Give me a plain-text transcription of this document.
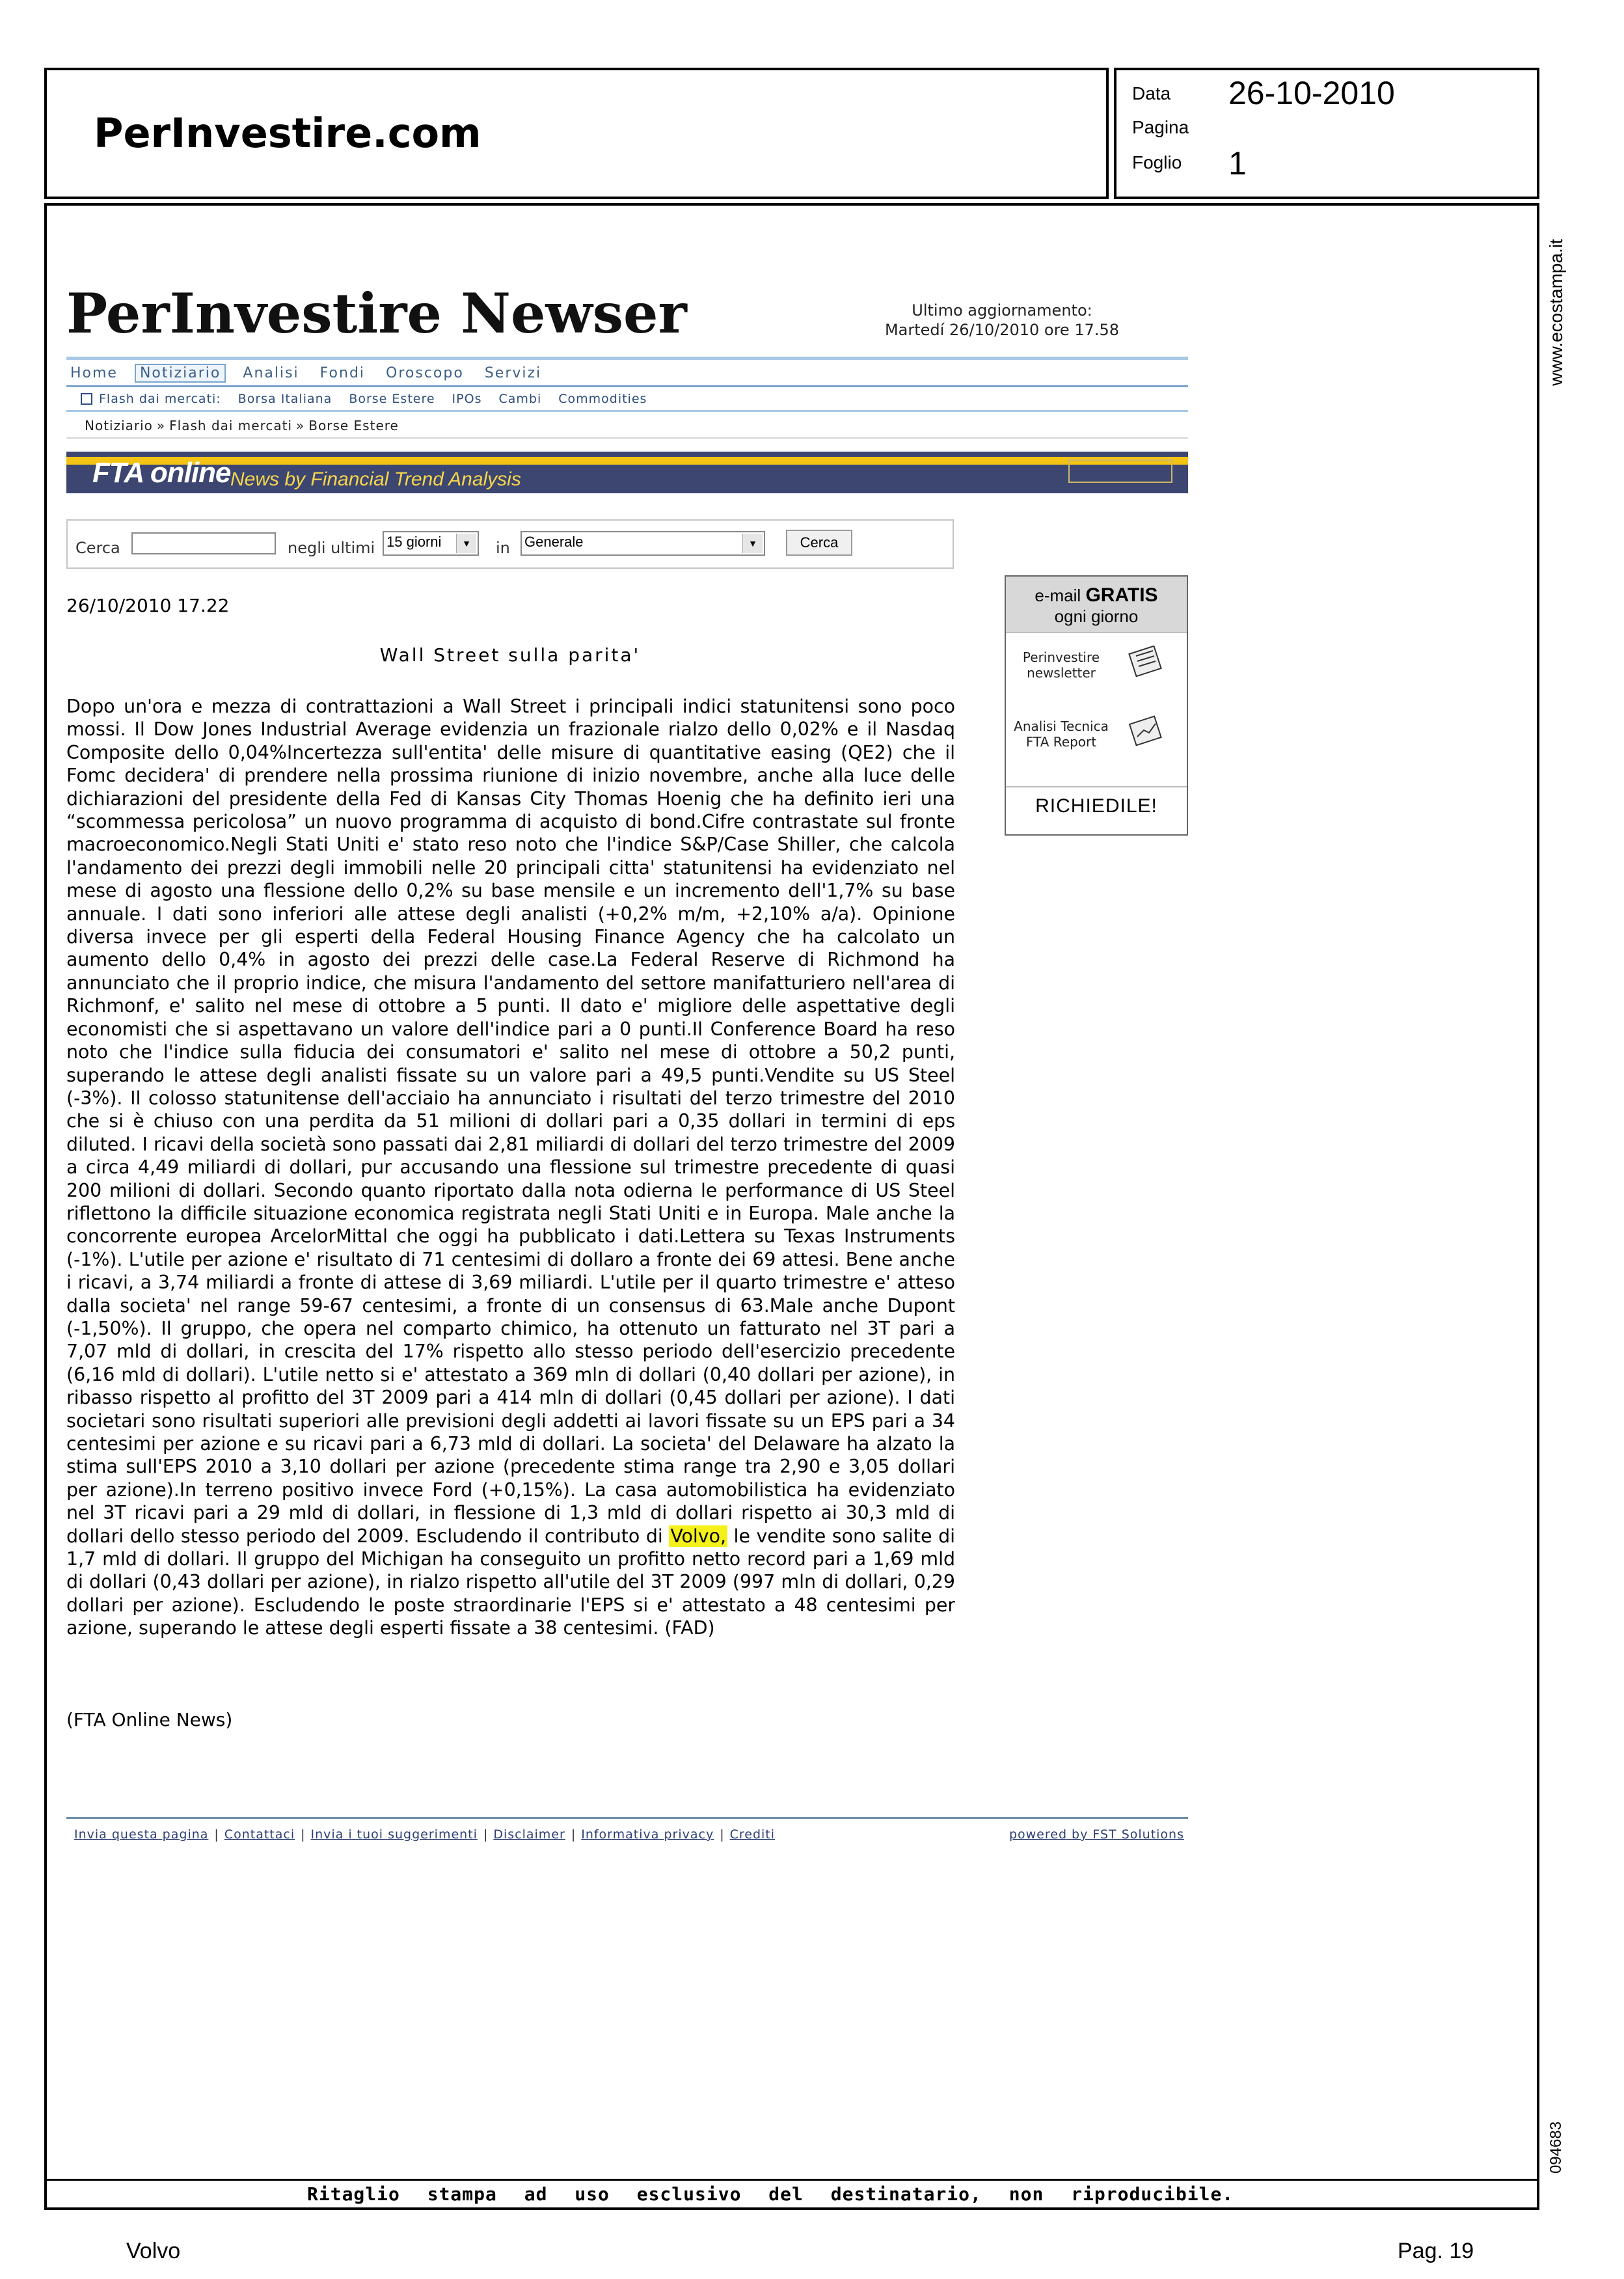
PerInvestire.com
Data 26-10-2010
Pagina
Foglio 1
www.ecostampa.it
094683
PerInvestire Newser	Ultimo aggiornamento:
Martedí 26/10/2010 ore 17.58
Home	Notiziario	Analisi Fondi Oroscopo Servizi
Flash dai mercati: Borsa Italiana Borse Estere IPOs Cambi Commodities
Notiziario » Flash dai mercati » Borse Estere
FTA online News by Financial Trend Analysis
Cerca	negli ultimi 15 giorni	▼	in Generale	▼	Cerca
26/10/2010 17.22
Wall Street sulla parita'
Dopo un'ora e mezza di contrattazioni a Wall Street i principali indici statunitensi sono poco mossi. Il Dow Jones Industrial Average evidenzia un frazionale rialzo dello 0,02% e il Nasdaq Composite dello 0,04%Incertezza sull'entita' delle misure di quantitative easing (QE2) che il Fomc decidera' di prendere nella prossima riunione di inizio novembre, anche alla luce delle dichiarazioni del presidente della Fed di Kansas City Thomas Hoenig che ha definito ieri una “scommessa pericolosa” un nuovo programma di acquisto di bond.Cifre contrastate sul fronte macroeconomico.Negli Stati Uniti e' stato reso noto che l'indice S&P/Case Shiller, che calcola l'andamento dei prezzi degli immobili nelle 20 principali citta' statunitensi ha evidenziato nel mese di agosto una flessione dello 0,2% su base mensile e un incremento dell'1,7% su base annuale. I dati sono inferiori alle attese degli analisti (+0,2% m/m, +2,10% a/a). Opinione diversa invece per gli esperti della Federal Housing Finance Agency che ha calcolato un aumento dello 0,4% in agosto dei prezzi delle case.La Federal Reserve di Richmond ha annunciato che il proprio indice, che misura l'andamento del settore manifatturiero nell'area di Richmonf, e' salito nel mese di ottobre a 5 punti. Il dato e' migliore delle aspettative degli economisti che si aspettavano un valore dell'indice pari a 0 punti.Il Conference Board ha reso noto che l'indice sulla fiducia dei consumatori e' salito nel mese di ottobre a 50,2 punti, superando le attese degli analisti fissate su un valore pari a 49,5 punti.Vendite su US Steel (-3%). Il colosso statunitense dell'acciaio ha annunciato i risultati del terzo trimestre del 2010 che si è chiuso con una perdita da 51 milioni di dollari pari a 0,35 dollari in termini di eps diluted. I ricavi della società sono passati dai 2,81 miliardi di dollari del terzo trimestre del 2009 a circa 4,49 miliardi di dollari, pur accusando una flessione sul trimestre precedente di quasi 200 milioni di dollari. Secondo quanto riportato dalla nota odierna le performance di US Steel riflettono la difficile situazione economica registrata negli Stati Uniti e in Europa. Male anche la concorrente europea ArcelorMittal che oggi ha pubblicato i dati.Lettera su Texas Instruments (-1%). L'utile per azione e' risultato di 71 centesimi di dollaro a fronte dei 69 attesi. Bene anche i ricavi, a 3,74 miliardi a fronte di attese di 3,69 miliardi. L'utile per il quarto trimestre e' atteso dalla societa' nel range 59-67 centesimi, a fronte di un consensus di 63.Male anche Dupont (-1,50%). Il gruppo, che opera nel comparto chimico, ha ottenuto un fatturato nel 3T pari a 7,07 mld di dollari, in crescita del 17% rispetto allo stesso periodo dell'esercizio precedente (6,16 mld di dollari). L'utile netto si e' attestato a 369 mln di dollari (0,40 dollari per azione), in ribasso rispetto al profitto del 3T 2009 pari a 414 mln di dollari (0,45 dollari per azione). I dati societari sono risultati superiori alle previsioni degli addetti ai lavori fissate su un EPS pari a 34 centesimi per azione e su ricavi pari a 6,73 mld di dollari. La societa' del Delaware ha alzato la stima sull'EPS 2010 a 3,10 dollari per azione (precedente stima range tra 2,90 e 3,05 dollari per azione).In terreno positivo invece Ford (+0,15%). La casa automobilistica ha evidenziato nel 3T ricavi pari a 29 mld di dollari, in flessione di 1,3 mld di dollari rispetto ai 30,3 mld di dollari dello stesso periodo del 2009. Escludendo il contributo di Volvo, le vendite sono salite di 1,7 mld di dollari. Il gruppo del Michigan ha conseguito un profitto netto record pari a 1,69 mld di dollari (0,43 dollari per azione), in rialzo rispetto all'utile del 3T 2009 (997 mln di dollari, 0,29 dollari per azione). Escludendo le poste straordinarie l'EPS si e' attestato a 48 centesimi per azione, superando le attese degli esperti fissate a 38 centesimi. (FAD)
(FTA Online News)
e-mail GRATIS
ogni giorno
Perinvestire
newsletter
Analisi Tecnica
FTA Report
RICHIEDILE!
Invia questa pagina | Contattaci | Invia i tuoi suggerimenti | Disclaimer | Informativa privacy | Crediti	powered by FST Solutions
Ritaglio stampa ad uso esclusivo del destinatario, non riproducibile.
Volvo	Pag. 19
